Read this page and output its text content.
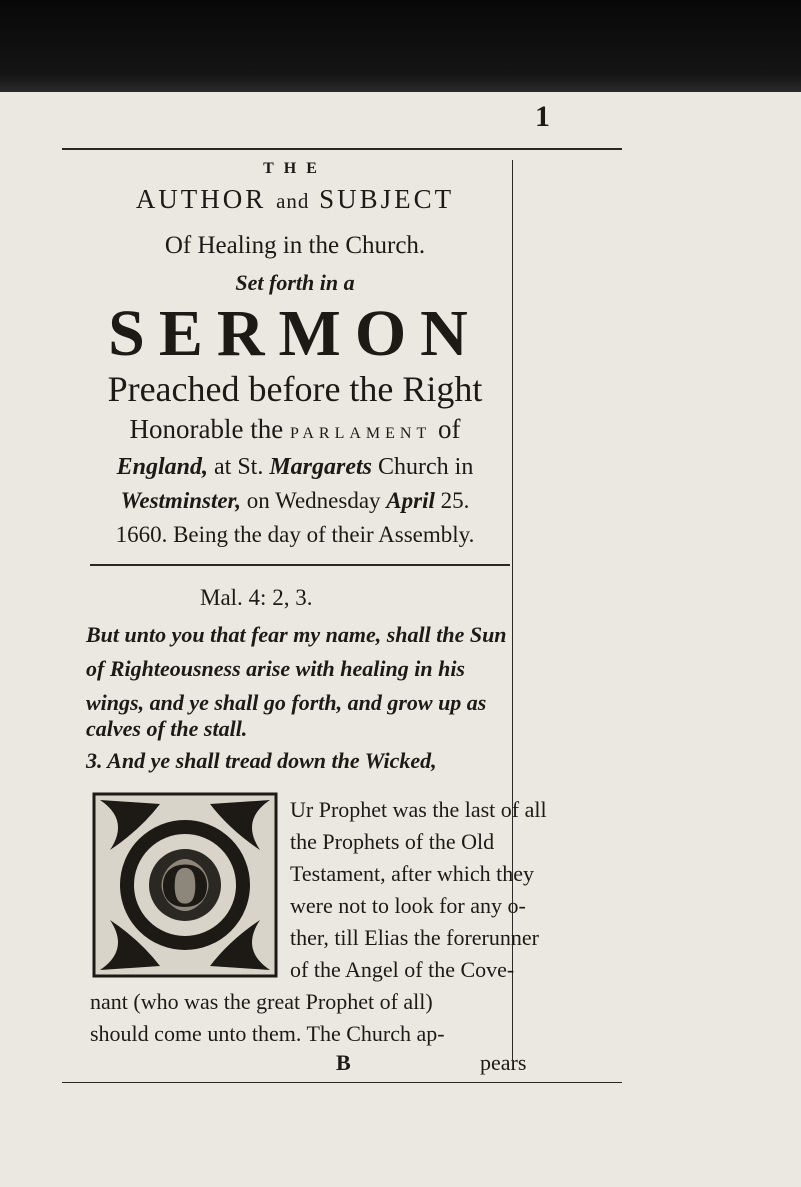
1
THE
AUTHOR and SUBJECT
Of Healing in the Church.
Set forth in a
SERMON
Preached before the Right
Honorable the PARLAMENT of
England, at St. Margarets Church in
Westminster, on Wednesday April 25.
1660. Being the day of their Assembly.
Mal. 4: 2, 3.
But unto you that fear my name, shall the Sun
of Righteousness arise with healing in his
wings, and ye shall go forth, and grow up as
calves of the stall.
3. And ye shall tread down the Wicked,
O
Ur Prophet was the last of all
the Prophets of the Old
Testament, after which they
were not to look for any o-
ther, till Elias the forerunner
of the Angel of the Cove-
nant (who was the great Prophet of all)
should come unto them. The Church ap-
B	pears
